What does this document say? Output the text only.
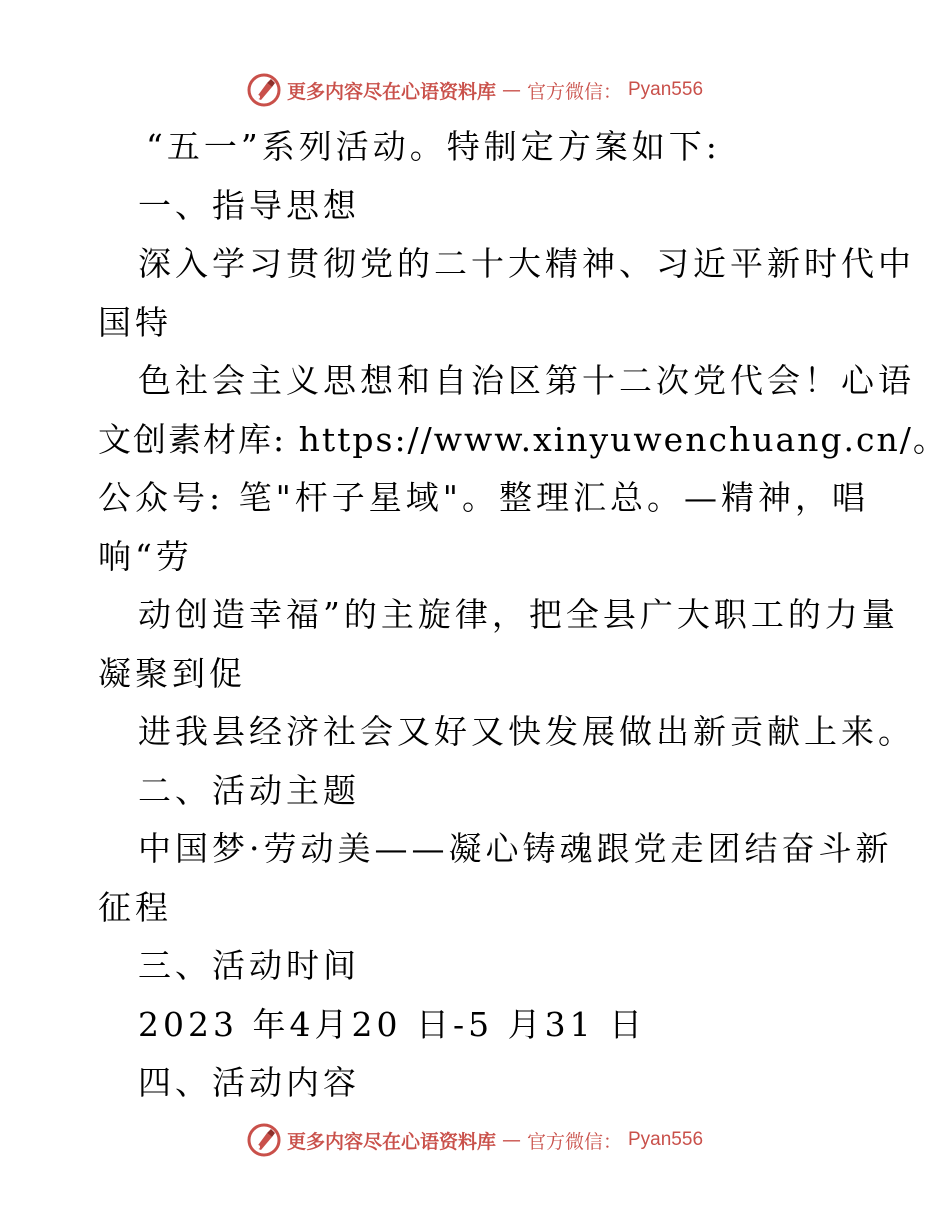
更多内容尽在心语资料库 — 官方微信： Pyan556
“五一”系列活动。特制定方案如下:
一、指导思想
深入学习贯彻党的二十大精神、习近平新时代中
国特
色社会主义思想和自治区第十二次党代会！心语
文创素材库: https://www.xinyuwenchuang.cn/。
公众号: 笔"杆子星域"。整理汇总。—精神，唱
响“劳
动创造幸福”的主旋律，把全县广大职工的力量
凝聚到促
进我县经济社会又好又快发展做出新贡献上来。
二、活动主题
中国梦·劳动美——凝心铸魂跟党走团结奋斗新
征程
三、活动时间
2023 年4月20 日-5 月31 日
四、活动内容
更多内容尽在心语资料库 — 官方微信： Pyan556
